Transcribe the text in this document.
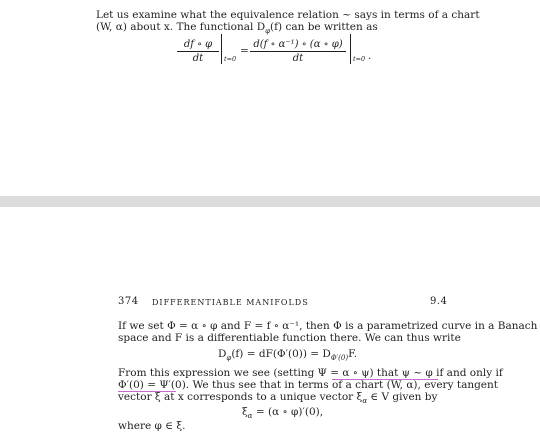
Let us examine what the equivalence relation ~ says in terms of a chart
(W, α) about x. The functional $D_\varphi(f)$ can be written as
$\frac{df \circ \varphi}{dt} t=0$
= $\frac{\text{d(f ∘ α⁻¹) ∘ (α ∘ φ)}}{dt} t=0$ .
374 DIFFERENTIABLE MANIFOLDS	9.4
If we set Φ = α ∘ φ and F = f ∘ α⁻¹, then Φ is a parametrized curve in a Banach
space and F is a differentiable function there. We can thus write
$D_\varphi(f) = dF(\Phi'(0)) = D_{\Phi'(0)}F$.
From this expression we see (setting Ψ = α ∘ ψ) that ψ ~ φ if and only if
Φ′(0) = Ψ′(0). We thus see that in terms of a chart (W, α), every tangent
vector ξ at x corresponds to a unique vector $\xi_\alpha$ ∈ V given by
$\xi_\alpha = (\alpha$ ∘ φ)′(0),
where φ ∈ ξ.
